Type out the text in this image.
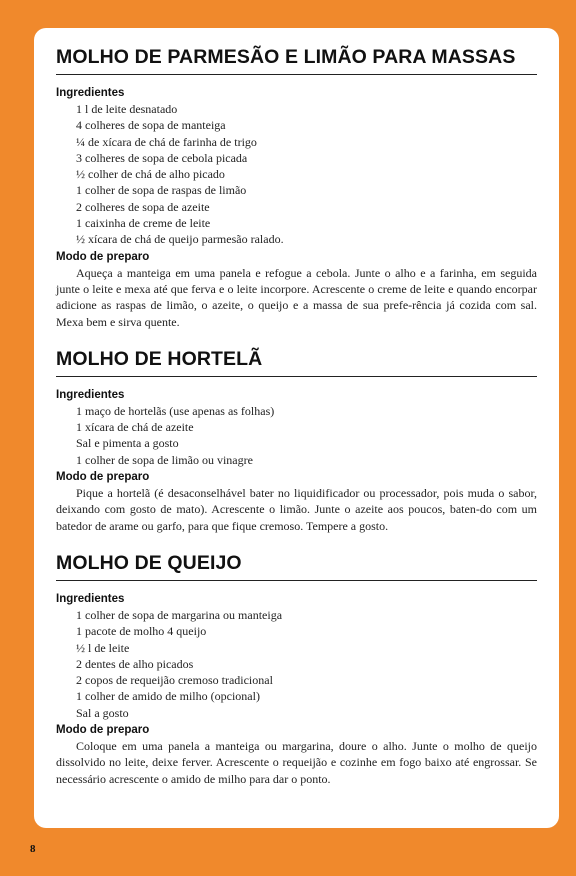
MOLHO DE PARMESÃO E LIMÃO PARA MASSAS
Ingredientes
1 l de leite desnatado
4 colheres de sopa de manteiga
¼ de xícara de chá de farinha de trigo
3 colheres de sopa de cebola picada
½ colher de chá de alho picado
1 colher de sopa de raspas de limão
2 colheres de sopa de azeite
1 caixinha de creme de leite
½ xícara de chá de queijo parmesão ralado.
Modo de preparo

Aqueça a manteiga em uma panela e refogue a cebola. Junte o alho e a farinha, em seguida junte o leite e mexa até que ferva e o leite incorpore. Acrescente o creme de leite e quando encorpar adicione as raspas de limão, o azeite, o queijo e a massa de sua prefe-rência já cozida com sal. Mexa bem e sirva quente.

MOLHO DE HORTELÃ
Ingredientes
1 maço de hortelãs (use apenas as folhas)
1 xícara de chá de azeite
Sal e pimenta a gosto
1 colher de sopa de limão ou vinagre
Modo de preparo

Pique a hortelã (é desaconselhável bater no liquidificador ou processador, pois muda o sabor, deixando com gosto de mato). Acrescente o limão. Junte o azeite aos poucos, baten-do com um batedor de arame ou garfo, para que fique cremoso. Tempere a gosto.

MOLHO DE QUEIJO
Ingredientes
1 colher de sopa de margarina ou manteiga
1 pacote de molho 4 queijo
½ l de leite
2 dentes de alho picados
2 copos de requeijão cremoso tradicional
1 colher de amido de milho (opcional)
Sal a gosto
Modo de preparo

Coloque em uma panela a manteiga ou margarina, doure o alho. Junte o molho de queijo dissolvido no leite, deixe ferver. Acrescente o requeijão e cozinhe em fogo baixo até engrossar. Se necessário acrescente o amido de milho para dar o ponto.

8
